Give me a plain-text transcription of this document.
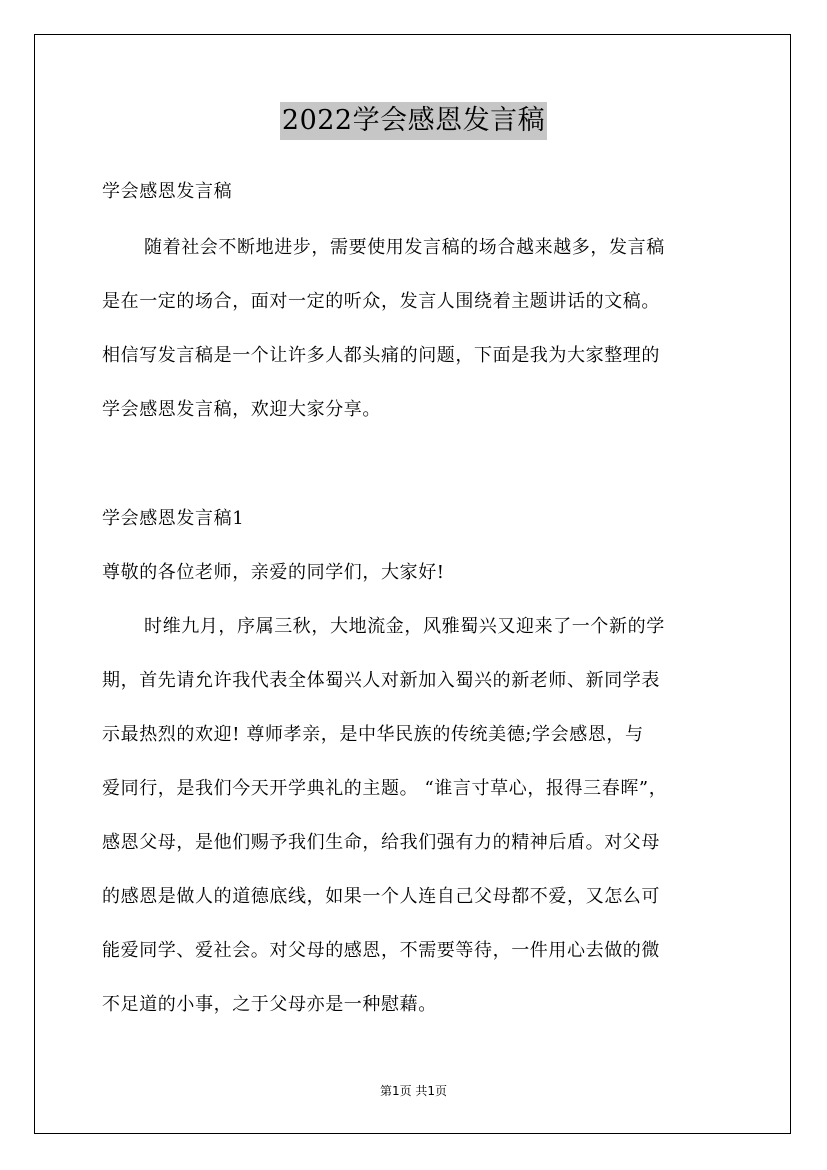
2022学会感恩发言稿
学会感恩发言稿
随着社会不断地进步，需要使用发言稿的场合越来越多，发言稿
是在一定的场合，面对一定的听众，发言人围绕着主题讲话的文稿。
相信写发言稿是一个让许多人都头痛的问题，下面是我为大家整理的
学会感恩发言稿，欢迎大家分享。
学会感恩发言稿1
尊敬的各位老师，亲爱的同学们，大家好!
时维九月，序属三秋，大地流金，风雅蜀兴又迎来了一个新的学
期，首先请允许我代表全体蜀兴人对新加入蜀兴的新老师、新同学表
示最热烈的欢迎! 尊师孝亲，是中华民族的传统美德;学会感恩，与
爱同行，是我们今天开学典礼的主题。 “谁言寸草心，报得三春晖”，
感恩父母，是他们赐予我们生命，给我们强有力的精神后盾。对父母
的感恩是做人的道德底线，如果一个人连自己父母都不爱，又怎么可
能爱同学、爱社会。对父母的感恩，不需要等待，一件用心去做的微
不足道的小事，之于父母亦是一种慰藉。
第1页 共1页
